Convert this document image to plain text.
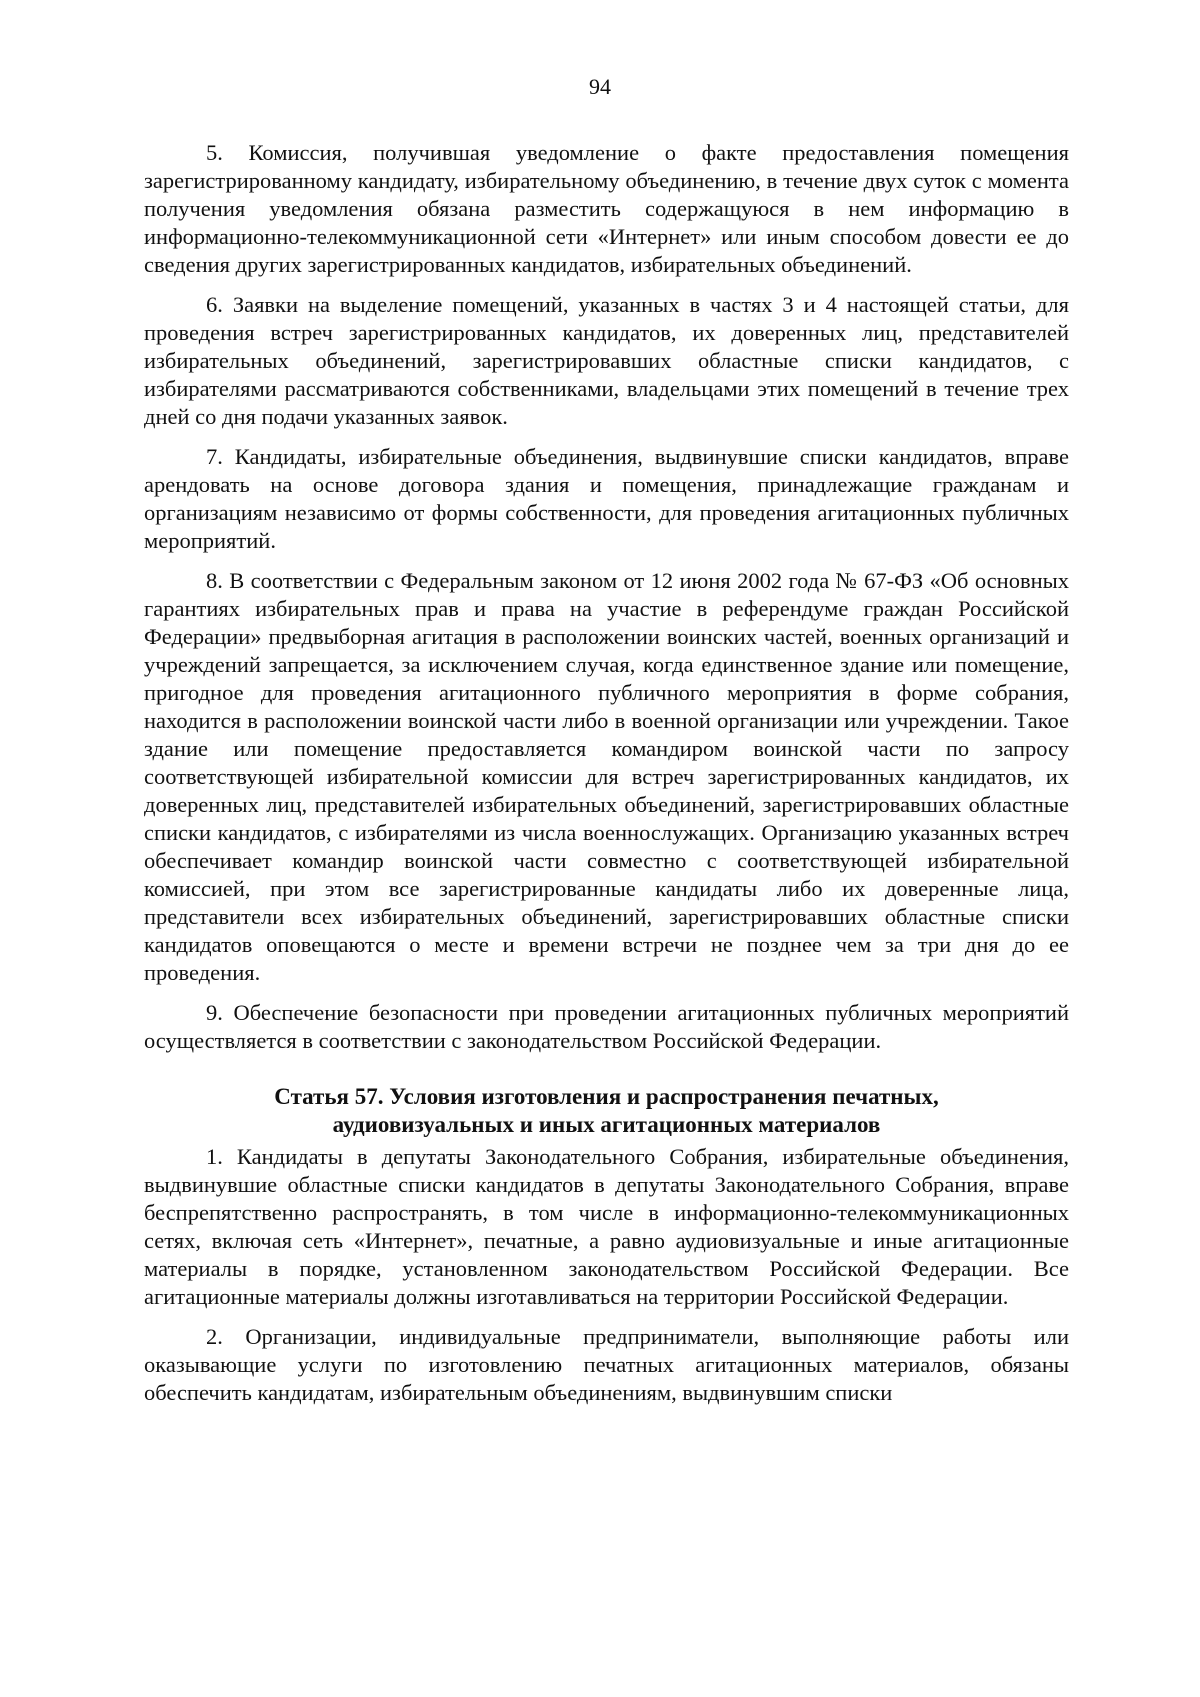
94

5. Комиссия, получившая уведомление о факте предоставления помещения зарегистрированному кандидату, избирательному объединению, в течение двух суток с момента получения уведомления обязана разместить содержащуюся в нем информацию в информационно-телекоммуникационной сети «Интернет» или иным способом довести ее до сведения других зарегистрированных кандидатов, избирательных объединений.

6. Заявки на выделение помещений, указанных в частях 3 и 4 настоящей статьи, для проведения встреч зарегистрированных кандидатов, их доверенных лиц, представителей избирательных объединений, зарегистрировавших областные списки кандидатов, с избирателями рассматриваются собственниками, владельцами этих помещений в течение трех дней со дня подачи указанных заявок.

7. Кандидаты, избирательные объединения, выдвинувшие списки кандидатов, вправе арендовать на основе договора здания и помещения, принадлежащие гражданам и организациям независимо от формы собственности, для проведения агитационных публичных мероприятий.

8. В соответствии с Федеральным законом от 12 июня 2002 года № 67-ФЗ «Об основных гарантиях избирательных прав и права на участие в референдуме граждан Российской Федерации» предвыборная агитация в расположении воинских частей, военных организаций и учреждений запрещается, за исключением случая, когда единственное здание или помещение, пригодное для проведения агитационного публичного мероприятия в форме собрания, находится в расположении воинской части либо в военной организации или учреждении. Такое здание или помещение предоставляется командиром воинской части по запросу соответствующей избирательной комиссии для встреч зарегистрированных кандидатов, их доверенных лиц, представителей избирательных объединений, зарегистрировавших областные списки кандидатов, с избирателями из числа военнослужащих. Организацию указанных встреч обеспечивает командир воинской части совместно с соответствующей избирательной комиссией, при этом все зарегистрированные кандидаты либо их доверенные лица, представители всех избирательных объединений, зарегистрировавших областные списки кандидатов оповещаются о месте и времени встречи не позднее чем за три дня до ее проведения.

9. Обеспечение безопасности при проведении агитационных публичных мероприятий осуществляется в соответствии с законодательством Российской Федерации.

Статья 57. Условия изготовления и распространения печатных,
аудиовизуальных и иных агитационных материалов

1. Кандидаты в депутаты Законодательного Собрания, избирательные объединения, выдвинувшие областные списки кандидатов в депутаты Законодательного Собрания, вправе беспрепятственно распространять, в том числе в информационно-телекоммуникационных сетях, включая сеть «Интернет», печатные, а равно аудиовизуальные и иные агитационные материалы в порядке, установленном законодательством Российской Федерации. Все агитационные материалы должны изготавливаться на территории Российской Федерации.

2. Организации, индивидуальные предприниматели, выполняющие работы или оказывающие услуги по изготовлению печатных агитационных материалов, обязаны обеспечить кандидатам, избирательным объединениям, выдвинувшим списки
